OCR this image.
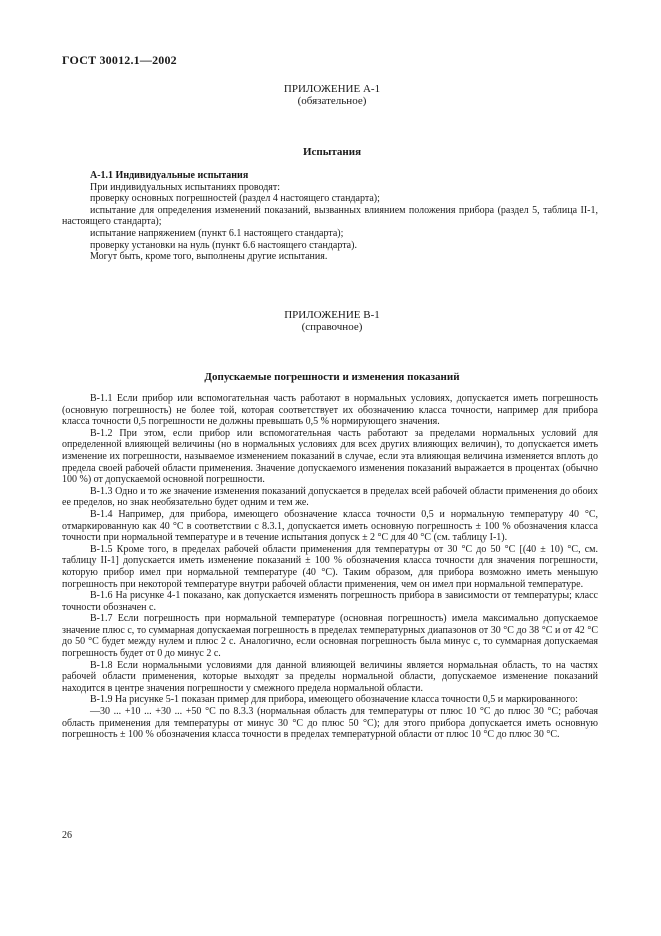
ГОСТ 30012.1—2002
ПРИЛОЖЕНИЕ А-1
(обязательное)
Испытания

А-1.1 Индивидуальные испытания

При индивидуальных испытаниях проводят:

проверку основных погрешностей (раздел 4 настоящего стандарта);

испытание для определения изменений показаний, вызванных влиянием положения прибора (раздел 5, таблица II-1, настоящего стандарта);

испытание напряжением (пункт 6.1 настоящего стандарта);

проверку установки на нуль (пункт 6.6 настоящего стандарта).

Могут быть, кроме того, выполнены другие испытания.

ПРИЛОЖЕНИЕ В-1
(справочное)
Допускаемые погрешности и изменения показаний

В-1.1 Если прибор или вспомогательная часть работают в нормальных условиях, допускается иметь погрешность (основную погрешность) не более той, которая соответствует их обозначению класса точности, например для прибора класса точности 0,5 погрешности не должны превышать 0,5 % нормирующего значения.

В-1.2 При этом, если прибор или вспомогательная часть работают за пределами нормальных условий для определенной влияющей величины (но в нормальных условиях для всех других влияющих величин), то допускается иметь изменение их погрешности, называемое изменением показаний в случае, если эта влияющая величина изменяется вплоть до предела своей рабочей области применения. Значение допускаемого изменения показаний выражается в процентах (обычно 100 %) от допускаемой основной погрешности.

В-1.3 Одно и то же значение изменения показаний допускается в пределах всей рабочей области применения до обоих ее пределов, но знак необязательно будет одним и тем же.

В-1.4 Например, для прибора, имеющего обозначение класса точности 0,5 и нормальную температуру 40 °С, отмаркированную как 40 °С в соответствии с 8.3.1, допускается иметь основную погрешность ± 100 % обозначения класса точности при нормальной температуре и в течение испытания допуск ± 2 °С для 40 °С (см. таблицу I-1).

В-1.5 Кроме того, в пределах рабочей области применения для температуры от 30 °С до 50 °С [(40 ± 10) °С, см. таблицу II-1] допускается иметь изменение показаний ± 100 % обозначения класса точности для значения погрешности, которую прибор имел при нормальной температуре (40 °С). Таким образом, для прибора возможно иметь меньшую погрешность при некоторой температуре внутри рабочей области применения, чем он имел при нормальной температуре.

В-1.6 На рисунке 4-1 показано, как допускается изменять погрешность прибора в зависимости от температуры; класс точности обозначен с.

В-1.7 Если погрешность при нормальной температуре (основная погрешность) имела максимально допускаемое значение плюс с, то суммарная допускаемая погрешность в пределах температурных диапазонов от 30 °С до 38 °С и от 42 °С до 50 °С будет между нулем и плюс 2 с. Аналогично, если основная погрешность была минус с, то суммарная допускаемая погрешность будет от 0 до минус 2 с.

В-1.8 Если нормальными условиями для данной влияющей величины является нормальная область, то на частях рабочей области применения, которые выходят за пределы нормальной области, допускаемое изменение показаний находится в центре значения погрешности у смежного предела нормальной области.

В-1.9 На рисунке 5-1 показан пример для прибора, имеющего обозначение класса точности 0,5 и маркированного:

—30 ... +10 ... +30 ... +50 °С по 8.3.3 (нормальная область для температуры от плюс 10 °С до плюс 30 °С; рабочая область применения для температуры от минус 30 °С до плюс 50 °С); для этого прибора допускается иметь основную погрешность ± 100 % обозначения класса точности в пределах температурной области от плюс 10 °С до плюс 30 °С.

26
